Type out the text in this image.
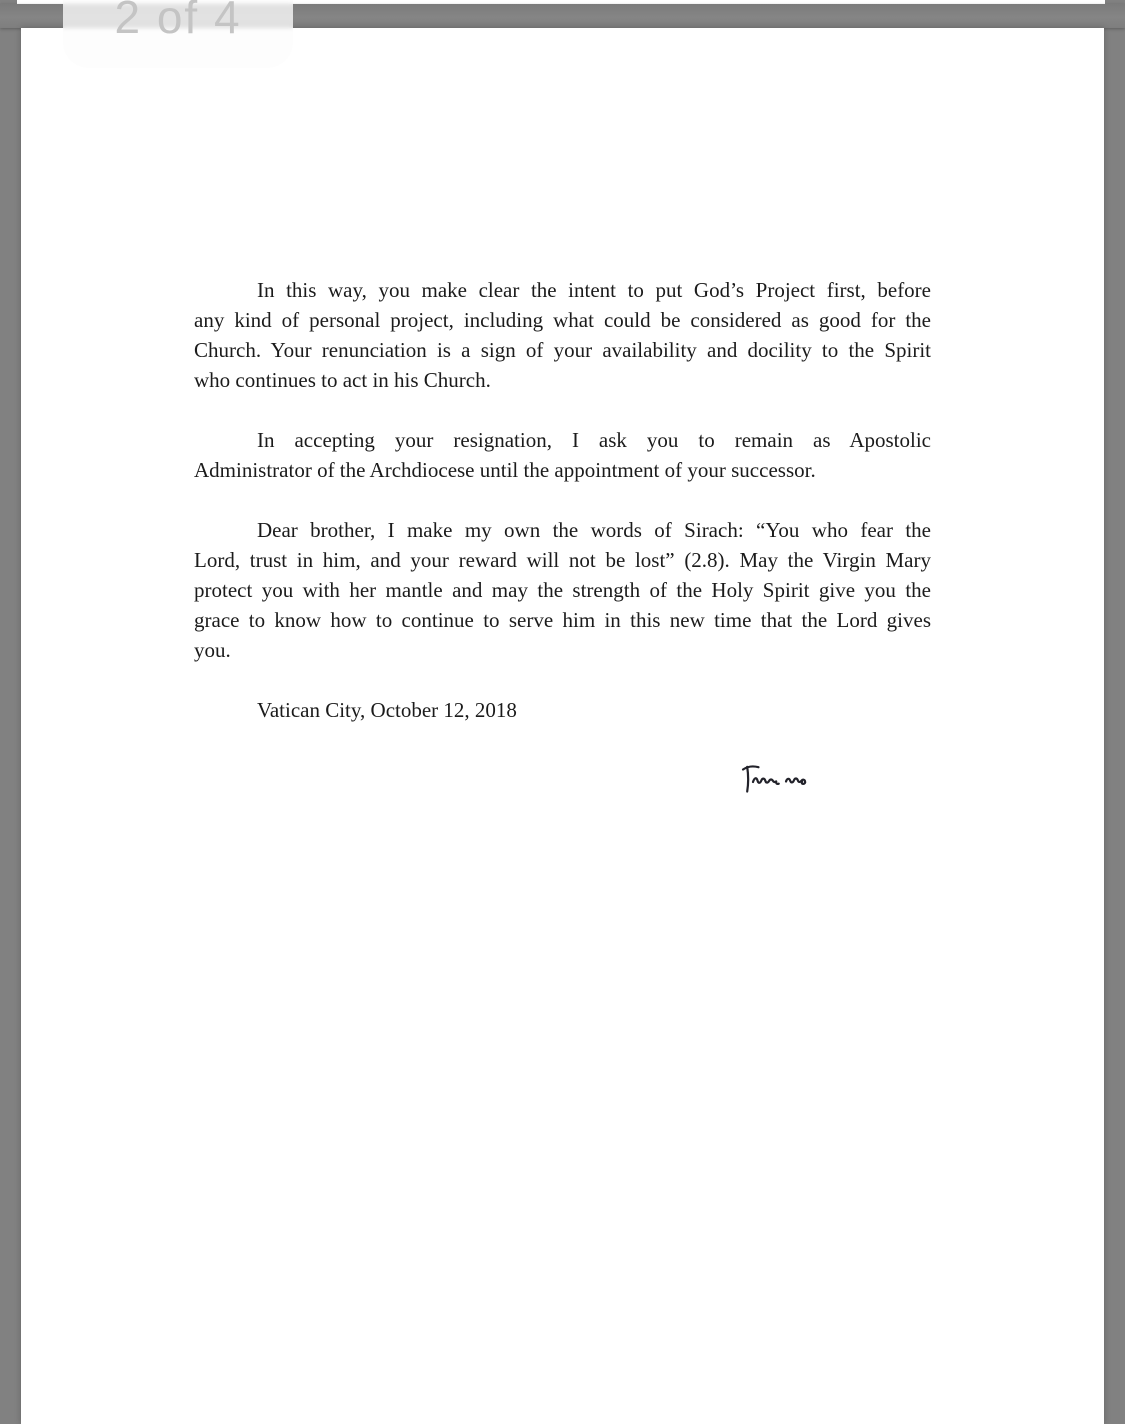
2 of 4

In this way, you make clear the intent to put God’s Project first, before
any kind of personal project, including what could be considered as good for the
Church. Your renunciation is a sign of your availability and docility to the Spirit
who continues to act in his Church.

In accepting your resignation, I ask you to remain as Apostolic
Administrator of the Archdiocese until the appointment of your successor.

Dear brother, I make my own the words of Sirach: “You who fear the
Lord, trust in him, and your reward will not be lost” (2.8). May the Virgin Mary
protect you with her mantle and may the strength of the Holy Spirit give you the
grace to know how to continue to serve him in this new time that the Lord gives
you.

Vatican City, October 12, 2018
